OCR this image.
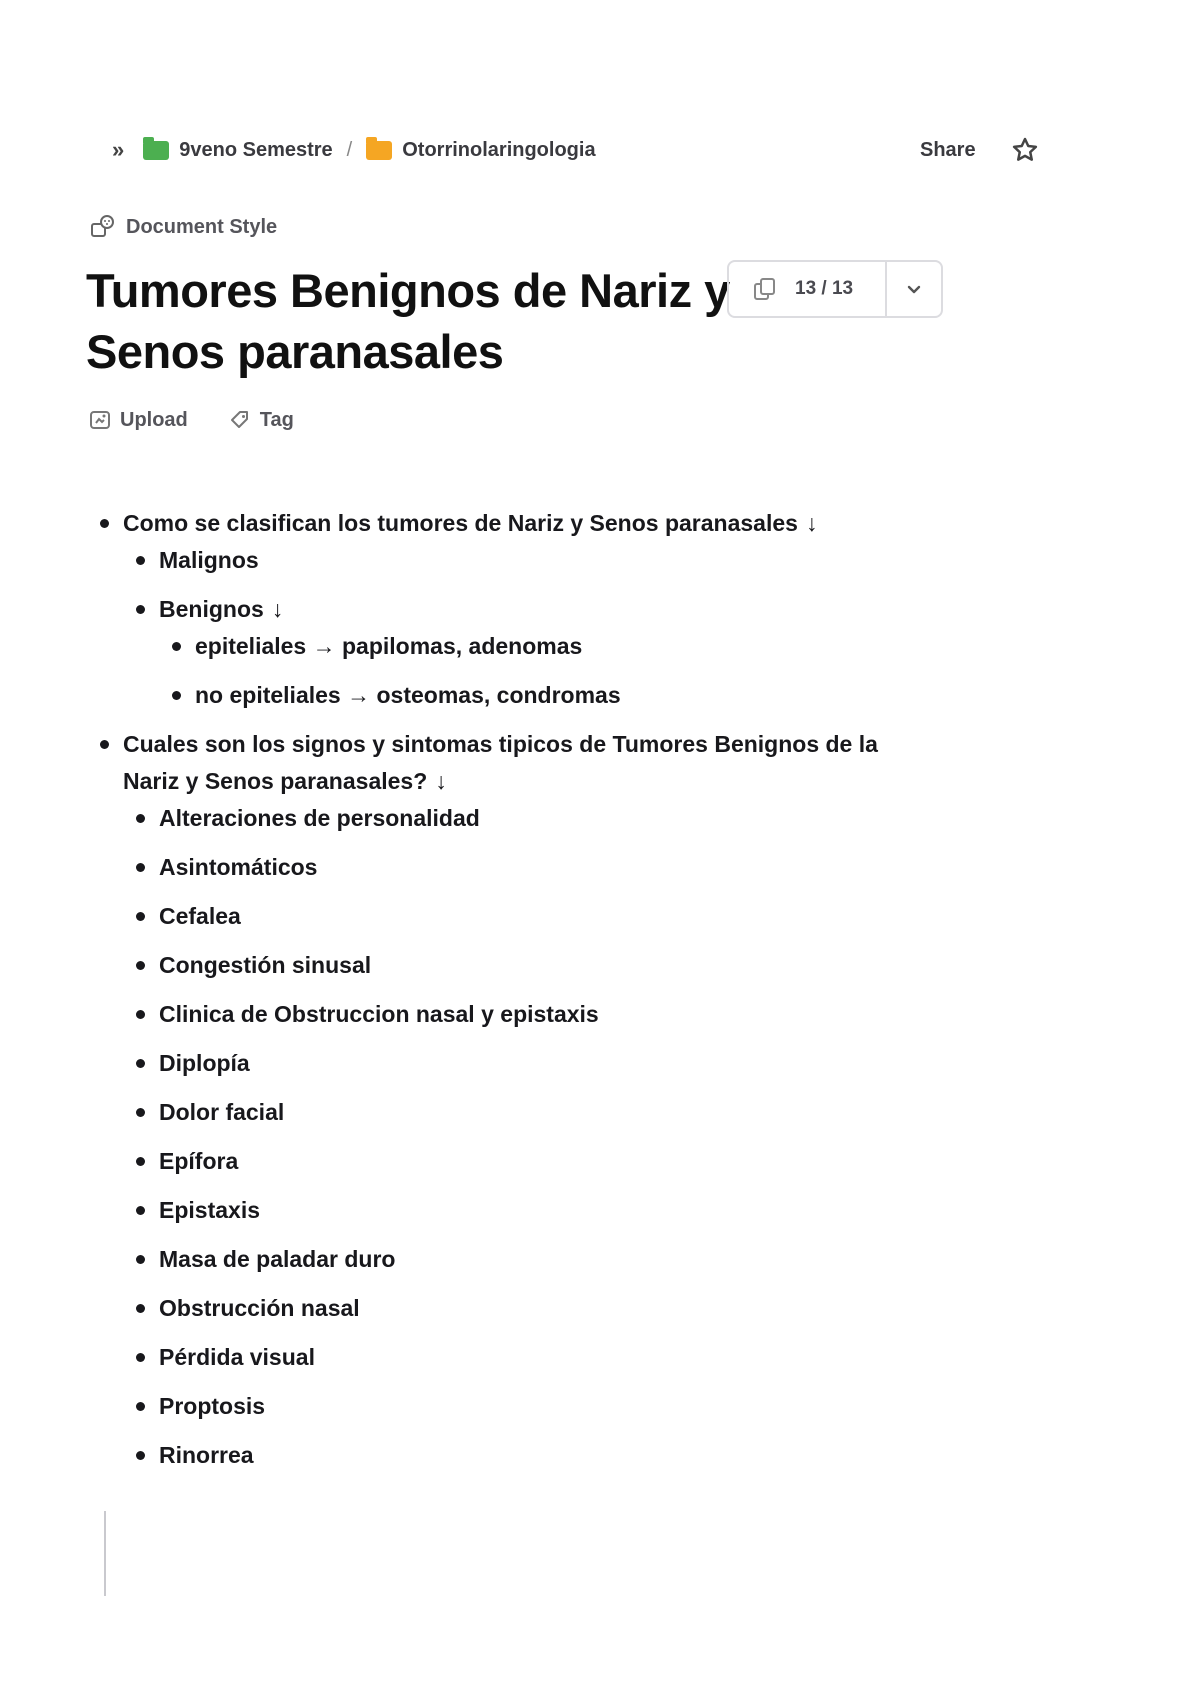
»	9veno Semestre /	Otorrinolaringologia	Share
Document Style
Tumores Benignos de Nariz y Senos paranasales
13 / 13
Upload	Tag
Como se clasifican los tumores de Nariz y Senos paranasales ↓
Malignos
Benignos ↓
epiteliales → papilomas, adenomas
no epiteliales → osteomas, condromas
Cuales son los signos y sintomas tipicos de Tumores Benignos de la Nariz y Senos paranasales? ↓
Alteraciones de personalidad
Asintomáticos
Cefalea
Congestión sinusal
Clinica de Obstruccion nasal y epistaxis
Diplopía
Dolor facial
Epífora
Epistaxis
Masa de paladar duro
Obstrucción nasal
Pérdida visual
Proptosis
Rinorrea
